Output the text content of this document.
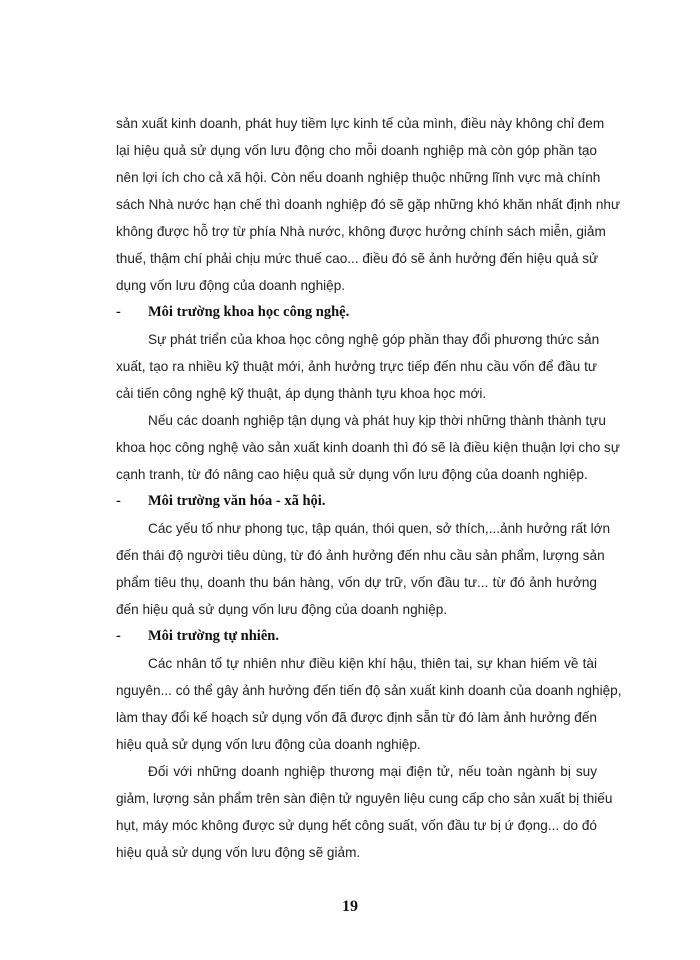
sản xuất kinh doanh, phát huy tiềm lực kinh tế của mình, điều này không chỉ đem
lại hiệu quả sử dụng vốn lưu động cho mỗi doanh nghiệp mà còn góp phần tạo
nên lợi ích cho cả xã hội. Còn nếu doanh nghiệp thuộc những lĩnh vực mà chính
sách Nhà nước hạn chế thì doanh nghiệp đó sẽ gặp những khó khăn nhất định như
không được hỗ trợ từ phía Nhà nước, không được hưởng chính sách miễn, giảm
thuế, thậm chí phải chịu mức thuế cao... điều đó sẽ ảnh hưởng đến hiệu quả sử
dụng vốn lưu động của doanh nghiệp.
- Môi trường khoa học công nghệ.
Sự phát triển của khoa học công nghệ góp phần thay đổi phương thức sản
xuất, tạo ra nhiều kỹ thuật mới, ảnh hưởng trực tiếp đến nhu cầu vốn để đầu tư
cải tiến công nghệ kỹ thuật, áp dụng thành tựu khoa học mới.
Nếu các doanh nghiệp tận dụng và phát huy kịp thời những thành thành tựu
khoa học công nghệ vào sản xuất kinh doanh thì đó sẽ là điều kiện thuận lợi cho sự
cạnh tranh, từ đó nâng cao hiệu quả sử dụng vốn lưu động của doanh nghiệp.
- Môi trường văn hóa - xã hội.
Các yếu tố như phong tục, tập quán, thói quen, sở thích,...ảnh hưởng rất lớn
đến thái độ người tiêu dùng, từ đó ảnh hưởng đến nhu cầu sản phẩm, lượng sản
phẩm tiêu thụ, doanh thu bán hàng, vốn dự trữ, vốn đầu tư... từ đó ảnh hưởng
đến hiệu quả sử dụng vốn lưu động của doanh nghiệp.
- Môi trường tự nhiên.
Các nhân tố tự nhiên như điều kiện khí hậu, thiên tai, sự khan hiếm về tài
nguyên... có thể gây ảnh hưởng đến tiến độ sản xuất kinh doanh của doanh nghiệp,
làm thay đổi kế hoạch sử dụng vốn đã được định sẵn từ đó làm ảnh hưởng đến
hiệu quả sử dụng vốn lưu động của doanh nghiệp.
Đối với những doanh nghiệp thương mại điện tử, nếu toàn ngành bị suy
giảm, lượng sản phẩm trên sàn điện tử nguyên liệu cung cấp cho sản xuất bị thiếu
hụt, máy móc không được sử dụng hết công suất, vốn đầu tư bị ứ đọng... do đó
hiệu quả sử dụng vốn lưu động sẽ giảm.
19
